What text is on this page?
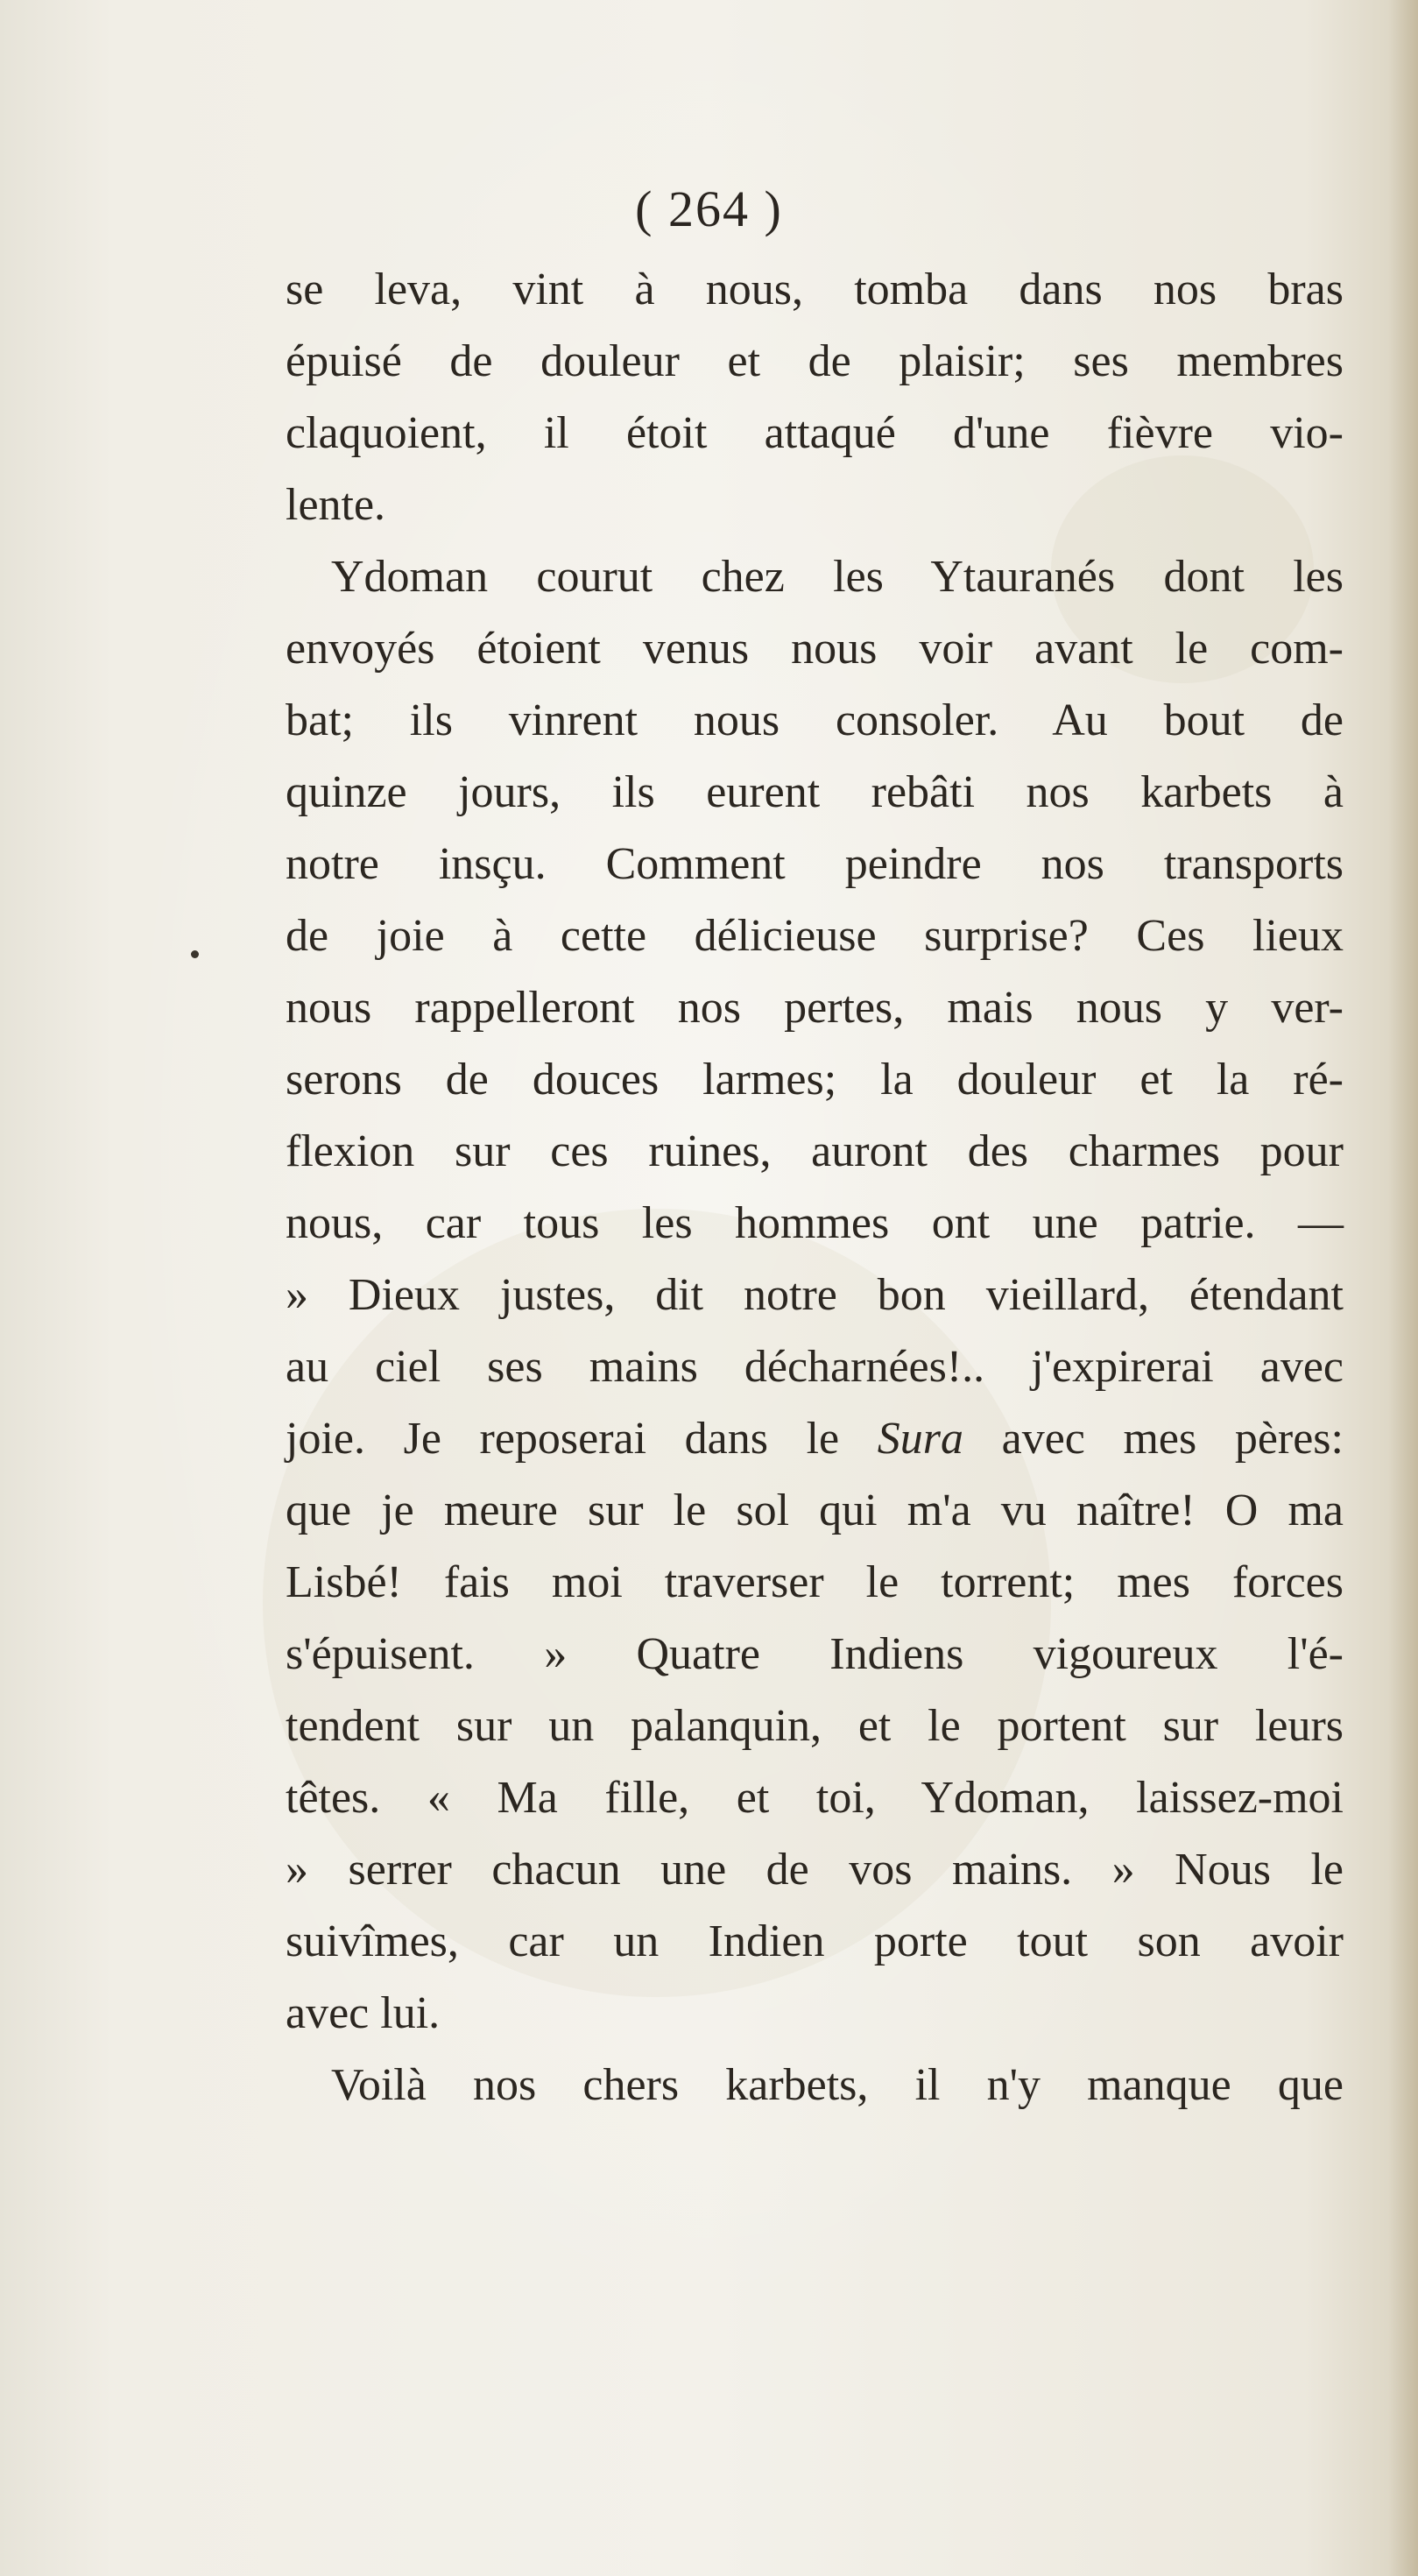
( 264 )
se leva, vint à nous, tomba dans nos bras
épuisé de douleur et de plaisir; ses membres
claquoient, il étoit attaqué d'une fièvre vio-
lente.
Ydoman courut chez les Ytauranés dont les
envoyés étoient venus nous voir avant le com-
bat; ils vinrent nous consoler. Au bout de
quinze jours, ils eurent rebâti nos karbets à
notre insçu. Comment peindre nos transports
de joie à cette délicieuse surprise? Ces lieux
nous rappelleront nos pertes, mais nous y ver-
serons de douces larmes; la douleur et la ré-
flexion sur ces ruines, auront des charmes pour
nous, car tous les hommes ont une patrie. —
» Dieux justes, dit notre bon vieillard, étendant
au ciel ses mains décharnées!.. j'expirerai avec
joie. Je reposerai dans le Sura avec mes pères:
que je meure sur le sol qui m'a vu naître! O ma
Lisbé! fais moi traverser le torrent; mes forces
s'épuisent. » Quatre Indiens vigoureux l'é-
tendent sur un palanquin, et le portent sur leurs
têtes. « Ma fille, et toi, Ydoman, laissez-moi
» serrer chacun une de vos mains. » Nous le
suivîmes, car un Indien porte tout son avoir
avec lui.
Voilà nos chers karbets, il n'y manque que
